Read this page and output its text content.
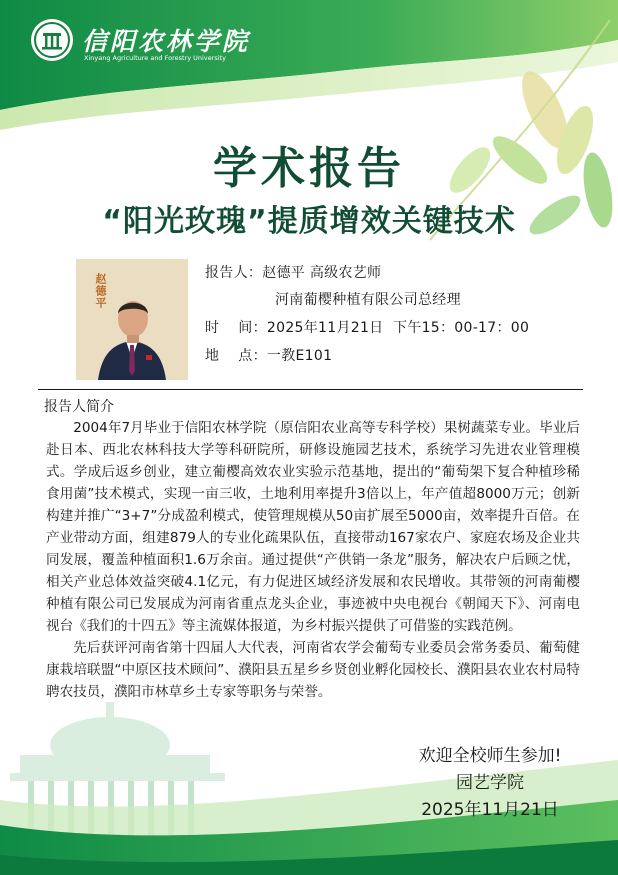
信阳农林学院
Xinyang Agriculture and Forestry University
学术报告
“阳光玫瑰”提质增效关键技术
赵德平	报告人：赵德平 高级农艺师
河南葡樱种植有限公司总经理
时    间：2025年11月21日  下午15：00-17：00
地    点：一教E101
报告人简介

2004年7月毕业于信阳农林学院（原信阳农业高等专科学校）果树蔬菜专业。毕业后赴日本、西北农林科技大学等科研院所，研修设施园艺技术，系统学习先进农业管理模式。学成后返乡创业，建立葡樱高效农业实验示范基地，提出的“葡萄架下复合种植珍稀食用菌”技术模式，实现一亩三收，土地利用率提升3倍以上，年产值超8000万元；创新构建并推广“3+7”分成盈利模式，使管理规模从50亩扩展至5000亩，效率提升百倍。在产业带动方面，组建879人的专业化疏果队伍，直接带动167家农户、家庭农场及企业共同发展，覆盖种植面积1.6万余亩。通过提供“产供销一条龙”服务，解决农户后顾之忧，相关产业总体效益突破4.1亿元，有力促进区域经济发展和农民增收。其带领的河南葡樱种植有限公司已发展成为河南省重点龙头企业，事迹被中央电视台《朝闻天下》、河南电视台《我们的十四五》等主流媒体报道，为乡村振兴提供了可借鉴的实践范例。

先后获评河南省第十四届人大代表，河南省农学会葡萄专业委员会常务委员、葡萄健康栽培联盟“中原区技术顾问”、濮阳县五星乡乡贤创业孵化园校长、濮阳县农业农村局特聘农技员，濮阳市林草乡土专家等职务与荣誉。

欢迎全校师生参加!
园艺学院
2025年11月21日
